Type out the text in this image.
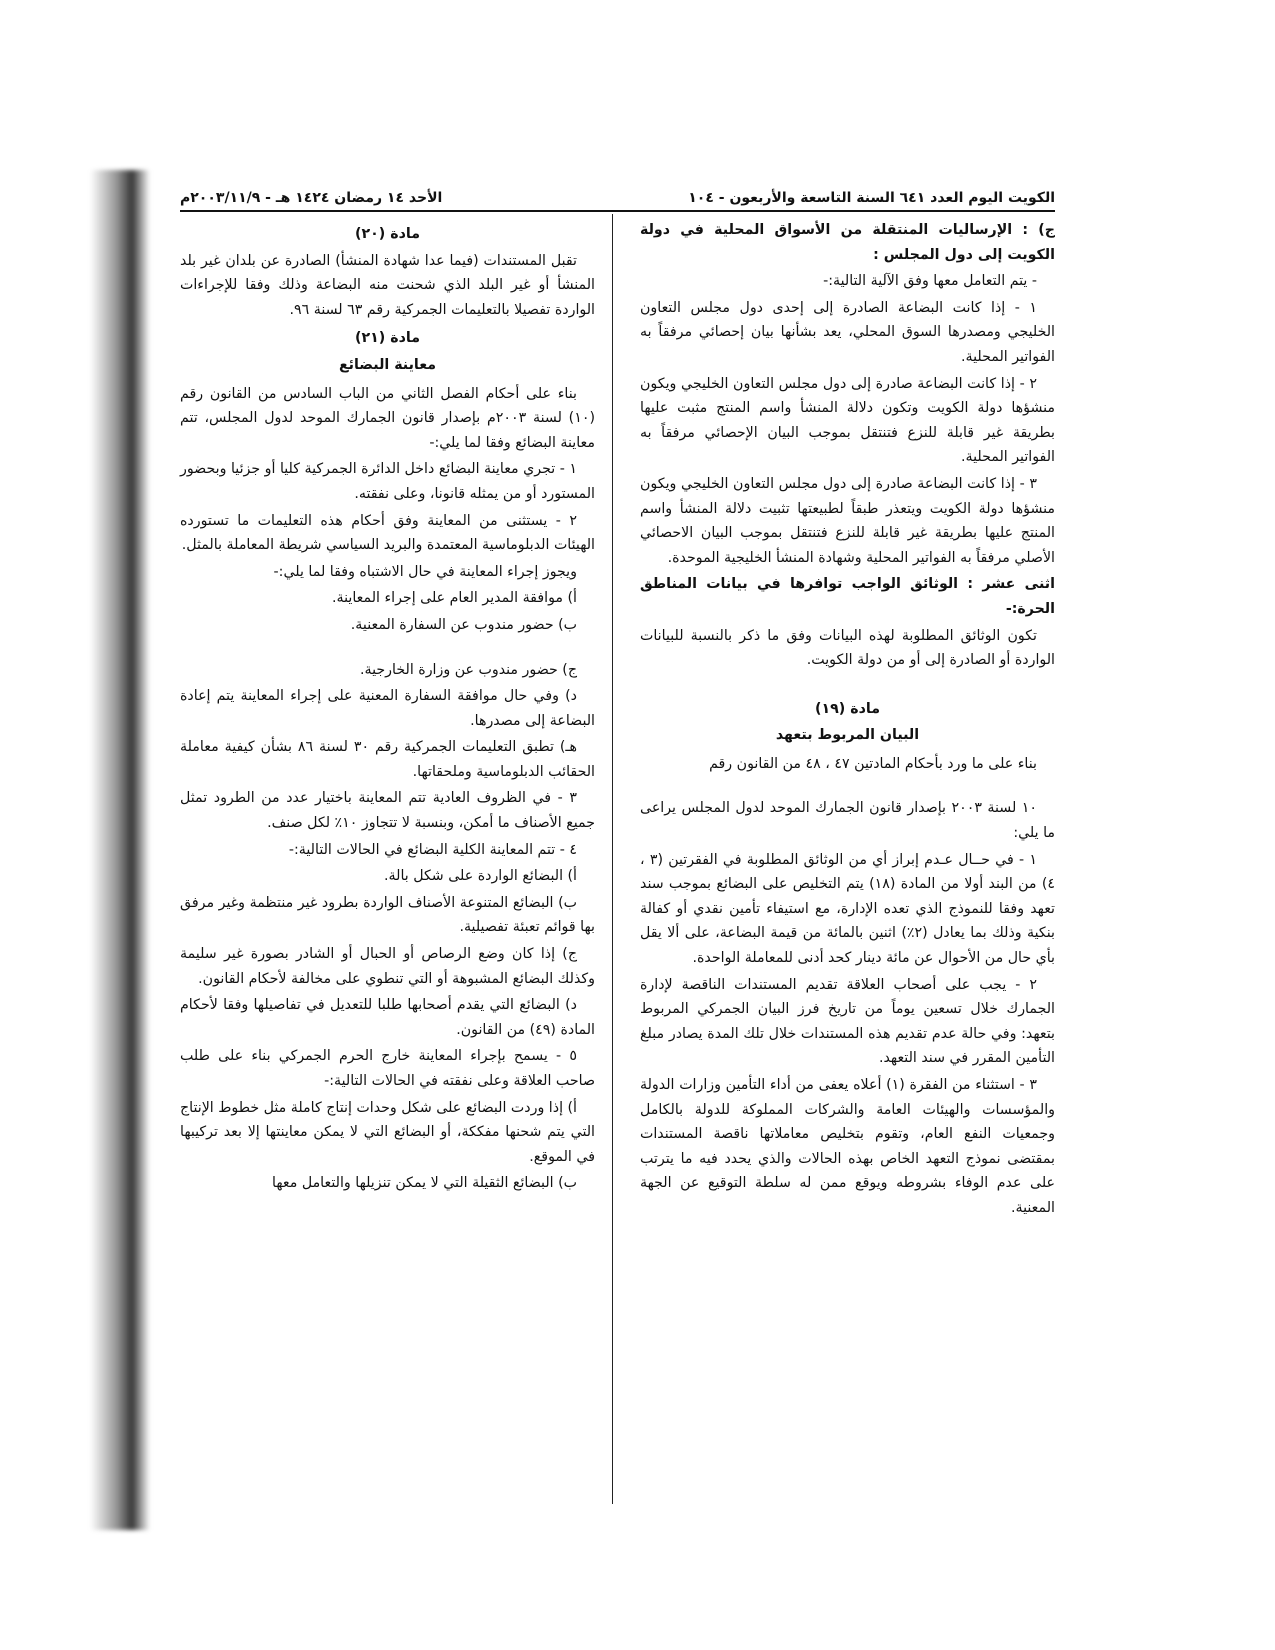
الكويت اليوم العدد ٦٤١ السنة التاسعة والأربعون - ١٠٤
الأحد ١٤ رمضان ١٤٢٤ هـ - ٢٠٠٣/١١/٩م

ج) : الإرساليات المنتقلة من الأسواق المحلية في دولة الكويت إلى دول المجلس :

- يتم التعامل معها وفق الآلية التالية:-

١ - إذا كانت البضاعة الصادرة إلى إحدى دول مجلس التعاون الخليجي ومصدرها السوق المحلي، يعد بشأنها بيان إحصائي مرفقاً به الفواتير المحلية.

٢ - إذا كانت البضاعة صادرة إلى دول مجلس التعاون الخليجي ويكون منشؤها دولة الكويت وتكون دلالة المنشأ واسم المنتج مثبت عليها بطريقة غير قابلة للنزع فتنتقل بموجب البيان الإحصائي مرفقاً به الفواتير المحلية.

٣ - إذا كانت البضاعة صادرة إلى دول مجلس التعاون الخليجي ويكون منشؤها دولة الكويت ويتعذر طبقاً لطبيعتها تثبيت دلالة المنشأ واسم المنتج عليها بطريقة غير قابلة للنزع فتنتقل بموجب البيان الاحصائي الأصلي مرفقاً به الفواتير المحلية وشهادة المنشأ الخليجية الموحدة.

اثنى عشر : الوثائق الواجب توافرها في بيانات المناطق الحرة:-

تكون الوثائق المطلوبة لهذه البيانات وفق ما ذكر بالنسبة للبيانات الواردة أو الصادرة إلى أو من دولة الكويت.

مادة (١٩)
البيان المربوط بتعهد

بناء على ما ورد بأحكام المادتين ٤٧ ، ٤٨ من القانون رقم

١٠ لسنة ٢٠٠٣ بإصدار قانون الجمارك الموحد لدول المجلس يراعى ما يلي:

١ - في حــال عـدم إبراز أي من الوثائق المطلوبة في الفقرتين (٣ ، ٤) من البند أولا من المادة (١٨) يتم التخليص على البضائع بموجب سند تعهد وفقا للنموذج الذي تعده الإدارة، مع استيفاء تأمين نقدي أو كفالة بنكية وذلك بما يعادل (٢٪) اثنين بالمائة من قيمة البضاعة، على ألا يقل بأي حال من الأحوال عن مائة دينار كحد أدنى للمعاملة الواحدة.

٢ - يجب على أصحاب العلاقة تقديم المستندات الناقصة لإدارة الجمارك خلال تسعين يوماً من تاريخ فرز البيان الجمركي المربوط بتعهد: وفي حالة عدم تقديم هذه المستندات خلال تلك المدة يصادر مبلغ التأمين المقرر في سند التعهد.

٣ - استثناء من الفقرة (١) أعلاه يعفى من أداء التأمين وزارات الدولة والمؤسسات والهيئات العامة والشركات المملوكة للدولة بالكامل وجمعيات النفع العام، وتقوم بتخليص معاملاتها ناقصة المستندات بمقتضى نموذج التعهد الخاص بهذه الحالات والذي يحدد فيه ما يترتب على عدم الوفاء بشروطه ويوقع ممن له سلطة التوقيع عن الجهة المعنية.

مادة (٢٠)

تقبل المستندات (فيما عدا شهادة المنشأ) الصادرة عن بلدان غير بلد المنشأ أو غير البلد الذي شحنت منه البضاعة وذلك وفقا للإجراءات الواردة تفصيلا بالتعليمات الجمركية رقم ٦٣ لسنة ٩٦.

مادة (٢١)
معاينة البضائع

بناء على أحكام الفصل الثاني من الباب السادس من القانون رقم (١٠) لسنة ٢٠٠٣م بإصدار قانون الجمارك الموحد لدول المجلس، تتم معاينة البضائع وفقا لما يلي:-

١ - تجري معاينة البضائع داخل الدائرة الجمركية كليا أو جزئيا وبحضور المستورد أو من يمثله قانونا، وعلى نفقته.

٢ - يستثنى من المعاينة وفق أحكام هذه التعليمات ما تستورده الهيئات الدبلوماسية المعتمدة والبريد السياسي شريطة المعاملة بالمثل.

ويجوز إجراء المعاينة في حال الاشتباه وفقا لما يلي:-

أ) موافقة المدير العام على إجراء المعاينة.

ب) حضور مندوب عن السفارة المعنية.

ج) حضور مندوب عن وزارة الخارجية.

د) وفي حال موافقة السفارة المعنية على إجراء المعاينة يتم إعادة البضاعة إلى مصدرها.

هـ) تطبق التعليمات الجمركية رقم ٣٠ لسنة ٨٦ بشأن كيفية معاملة الحقائب الدبلوماسية وملحقاتها.

٣ - في الظروف العادية تتم المعاينة باختيار عدد من الطرود تمثل جميع الأصناف ما أمكن، وبنسبة لا تتجاوز ١٠٪ لكل صنف.

٤ - تتم المعاينة الكلية البضائع في الحالات التالية:-

أ) البضائع الواردة على شكل بالة.

ب) البضائع المتنوعة الأصناف الواردة بطرود غير منتظمة وغير مرفق بها قوائم تعبئة تفصيلية.

ج) إذا كان وضع الرصاص أو الحبال أو الشادر بصورة غير سليمة وكذلك البضائع المشبوهة أو التي تنطوي على مخالفة لأحكام القانون.

د) البضائع التي يقدم أصحابها طلبا للتعديل في تفاصيلها وفقا لأحكام المادة (٤٩) من القانون.

٥ - يسمح بإجراء المعاينة خارج الحرم الجمركي بناء على طلب صاحب العلاقة وعلى نفقته في الحالات التالية:-

أ) إذا وردت البضائع على شكل وحدات إنتاج كاملة مثل خطوط الإنتاج التي يتم شحنها مفككة، أو البضائع التي لا يمكن معاينتها إلا بعد تركيبها في الموقع.

ب) البضائع الثقيلة التي لا يمكن تنزيلها والتعامل معها
